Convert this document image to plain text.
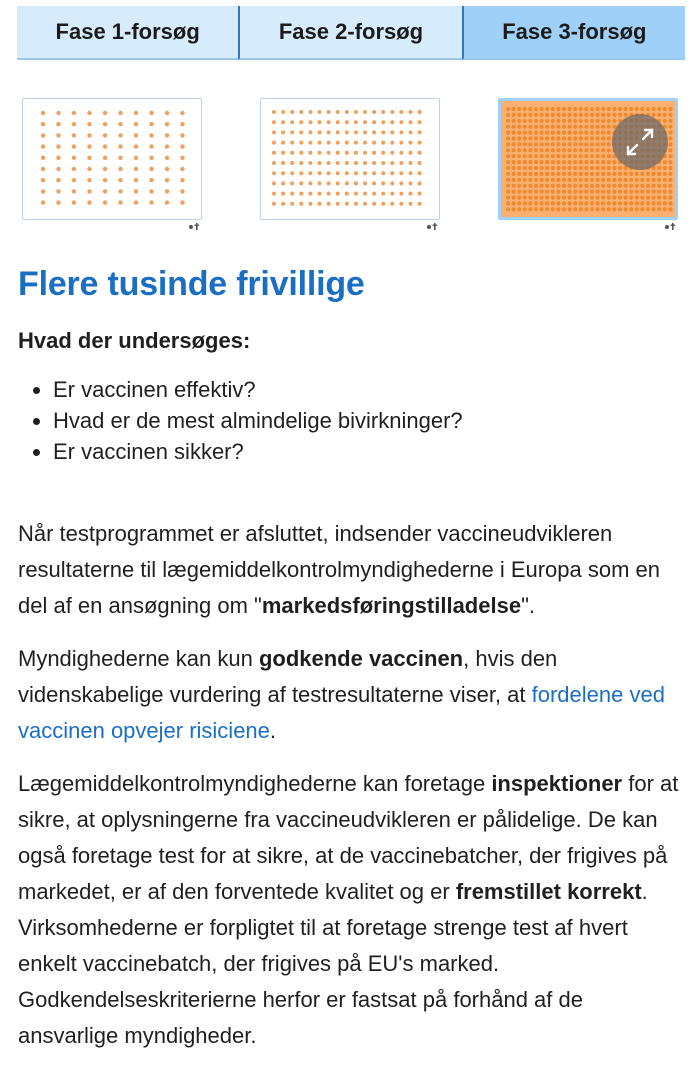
Fase 1-forsøg	Fase 2-forsøg	Fase 3-forsøg
Flere tusinde frivillige

Hvad der undersøges:

• Er vaccinen effektiv?
• Hvad er de mest almindelige bivirkninger?
• Er vaccinen sikker?

Når testprogrammet er afsluttet, indsender vaccineudvikleren resultaterne til lægemiddelkontrolmyndighederne i Europa som en del af en ansøgning om "markedsføringstilladelse".

Myndighederne kan kun godkende vaccinen, hvis den videnskabelige vurdering af testresultaterne viser, at fordelene ved vaccinen opvejer risiciene.

Lægemiddelkontrolmyndighederne kan foretage inspektioner for at sikre, at oplysningerne fra vaccineudvikleren er pålidelige. De kan også foretage test for at sikre, at de vaccinebatcher, der frigives på markedet, er af den forventede kvalitet og er fremstillet korrekt. Virksomhederne er forpligtet til at foretage strenge test af hvert enkelt vaccinebatch, der frigives på EU's marked. Godkendelseskriterierne herfor er fastsat på forhånd af de ansvarlige myndigheder.
